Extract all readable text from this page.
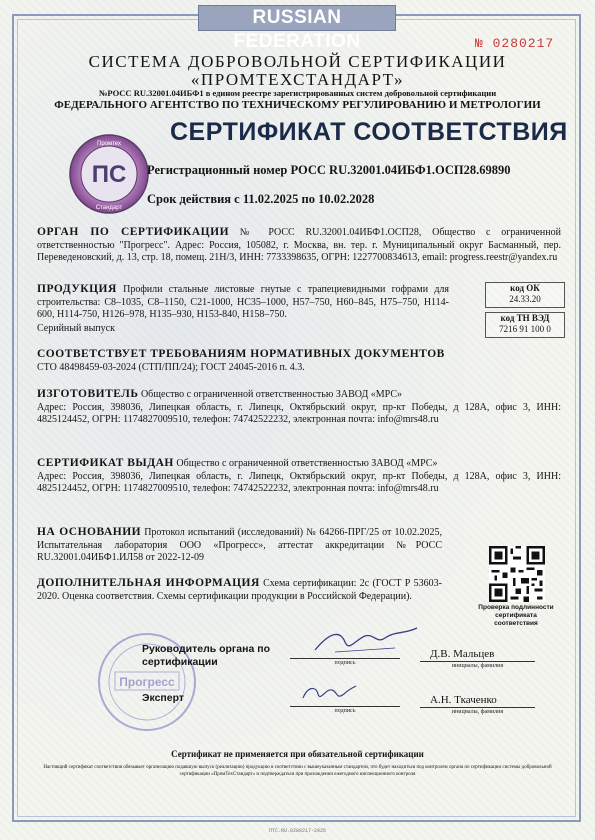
RUSSIAN FEDERATION	№ 0280217
СИСТЕМА ДОБРОВОЛЬНОЙ СЕРТИФИКАЦИИ
«ПРОМТЕХСТАНДАРТ»
№РОСС RU.32001.04ИБФ1 в едином реестре зарегистрированных систем добровольной сертификации
ФЕДЕРАЛЬНОГО АГЕНТСТВО ПО ТЕХНИЧЕСКОМУ РЕГУЛИРОВАНИЮ И МЕТРОЛОГИИ
СЕРТИФИКАТ СООТВЕТСТВИЯ
ПС
Промтех
Стандарт
Регистрационный номер РОСС RU.32001.04ИБФ1.ОСП28.69890
Срок действия с 11.02.2025 по 10.02.2028
ОРГАН ПО СЕРТИФИКАЦИИ № РОСС RU.32001.04ИБФ1.ОСП28, Общество с ограниченной ответственностью "Прогресс". Адрес: Россия, 105082, г. Москва, вн. тер. г. Муниципальный округ Басманный, пер. Переведеновский, д. 13, стр. 18, помещ. 21Н/3, ИНН: 7733398635, ОГРН: 1227700834613, email: progress.reestr@yandex.ru
ПРОДУКЦИЯ Профили стальные листовые гнутые с трапециевидными гофрами для строительства: С8–1035, С8–1150, С21-1000, НС35–1000, Н57–750, Н60–845, Н75–750, Н114-600, Н114-750, Н126–978, Н135–930, Н153-840, Н158–750.
Серийный выпуск
код ОК
24.33.20
код ТН ВЭД
7216 91 100 0
СООТВЕТСТВУЕТ ТРЕБОВАНИЯМ НОРМАТИВНЫХ ДОКУМЕНТОВ
СТО 48498459-03-2024 (СТП/ПП/24); ГОСТ 24045-2016 п. 4.3.
ИЗГОТОВИТЕЛЬ Общество с ограниченной ответственностью ЗАВОД «МРС»
Адрес: Россия, 398036, Липецкая область, г. Липецк, Октябрьский округ, пр-кт Победы, д 128А, офис 3, ИНН: 4825124452, ОГРН: 1174827009510, телефон: 74742522232, электронная почта: info@mrs48.ru
СЕРТИФИКАТ ВЫДАН Общество с ограниченной ответственностью ЗАВОД «МРС»
Адрес: Россия, 398036, Липецкая область, г. Липецк, Октябрьский округ, пр-кт Победы, д 128А, офис 3, ИНН: 4825124452, ОГРН: 1174827009510, телефон: 74742522232, электронная почта: info@mrs48.ru
НА ОСНОВАНИИ Протокол испытаний (исследований) № 64266-ПРГ/25 от 10.02.2025, Испытательная лаборатория ООО «Прогресс», аттестат аккредитации №РОСС RU.32001.04ИБФ1.ИЛ58 от 2022-12-09
ДОПОЛНИТЕЛЬНАЯ ИНФОРМАЦИЯ Схема сертификации: 2с (ГОСТ Р 53603-2020. Оценка соответствия. Схемы сертификации продукции в Российской Федерации).
Проверка подлинности сертификата соответствия
Прогресс
Руководитель органа по сертификации	подпись
Д.В. Мальцев
инициалы, фамилия
Эксперт
подпись
А.Н. Ткаченко
инициалы, фамилия
Сертификат не применяется при обязательной сертификации
Настоящий сертификат соответствия обязывает организацию подавшую выпуск (реализацию) продукцию в соответствии с вышеуказанным стандартом, что будет находиться под контролем органа по сертификации системы добровольной сертификации «ПромТехСтандарт» и подтверждаться при прохождении ежегодного инспекционного контроля
ПТС.RU.0280217-2025
